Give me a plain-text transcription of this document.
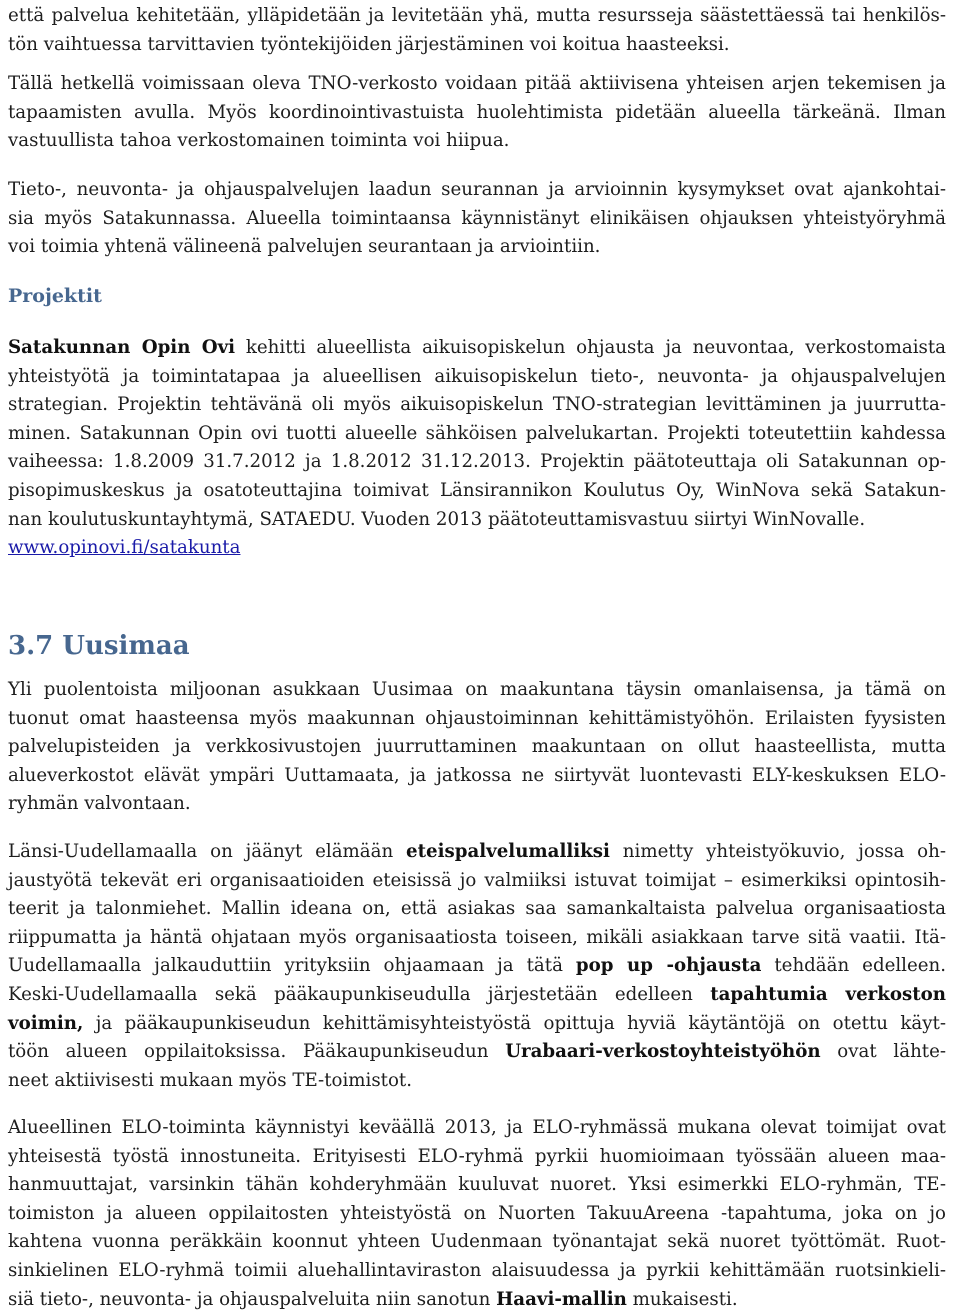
että palvelua kehitetään, ylläpidetään ja levitetään yhä, mutta resursseja säästettäessä tai henkilös-
tön vaihtuessa tarvittavien työntekijöiden järjestäminen voi koitua haasteeksi.
Tällä hetkellä voimissaan oleva TNO-verkosto voidaan pitää aktiivisena yhteisen arjen tekemisen ja
tapaamisten avulla. Myös koordinointivastuista huolehtimista pidetään alueella tärkeänä. Ilman
vastuullista tahoa verkostomainen toiminta voi hiipua.
Tieto-, neuvonta- ja ohjauspalvelujen laadun seurannan ja arvioinnin kysymykset ovat ajankohtai-
sia myös Satakunnassa. Alueella toimintaansa käynnistänyt elinikäisen ohjauksen yhteistyöryhmä
voi toimia yhtenä välineenä palvelujen seurantaan ja arviointiin.
Projektit
Satakunnan Opin Ovi kehitti alueellista aikuisopiskelun ohjausta ja neuvontaa, verkostomaista
yhteistyötä ja toimintatapaa ja alueellisen aikuisopiskelun tieto-, neuvonta- ja ohjauspalvelujen
strategian. Projektin tehtävänä oli myös aikuisopiskelun TNO-strategian levittäminen ja juurrutta-
minen. Satakunnan Opin ovi tuotti alueelle sähköisen palvelukartan. Projekti toteutettiin kahdessa
vaiheessa: 1.8.2009 31.7.2012 ja 1.8.2012 31.12.2013. Projektin päätoteuttaja oli Satakunnan op-
pisopimuskeskus ja osatoteuttajina toimivat Länsirannikon Koulutus Oy, WinNova sekä Satakun-
nan koulutuskuntayhtymä, SATAEDU. Vuoden 2013 päätoteuttamisvastuu siirtyi WinNovalle.
www.opinovi.fi/satakunta
3.7 Uusimaa
Yli puolentoista miljoonan asukkaan Uusimaa on maakuntana täysin omanlaisensa, ja tämä on
tuonut omat haasteensa myös maakunnan ohjaustoiminnan kehittämistyöhön. Erilaisten fyysisten
palvelupisteiden ja verkkosivustojen juurruttaminen maakuntaan on ollut haasteellista, mutta
alueverkostot elävät ympäri Uuttamaata, ja jatkossa ne siirtyvät luontevasti ELY-keskuksen ELO-
ryhmän valvontaan.
Länsi-Uudellamaalla on jäänyt elämään eteispalvelumalliksi nimetty yhteistyökuvio, jossa oh-
jaustyötä tekevät eri organisaatioiden eteisissä jo valmiiksi istuvat toimijat – esimerkiksi opintosih-
teerit ja talonmiehet. Mallin ideana on, että asiakas saa samankaltaista palvelua organisaatiosta
riippumatta ja häntä ohjataan myös organisaatiosta toiseen, mikäli asiakkaan tarve sitä vaatii. Itä-
Uudellamaalla jalkauduttiin yrityksiin ohjaamaan ja tätä pop up -ohjausta tehdään edelleen.
Keski-Uudellamaalla sekä pääkaupunkiseudulla järjestetään edelleen tapahtumia verkoston
voimin, ja pääkaupunkiseudun kehittämisyhteistyöstä opittuja hyviä käytäntöjä on otettu käyt-
töön alueen oppilaitoksissa. Pääkaupunkiseudun Urabaari-verkostoyhteistyöhön ovat lähte-
neet aktiivisesti mukaan myös TE-toimistot.
Alueellinen ELO-toiminta käynnistyi keväällä 2013, ja ELO-ryhmässä mukana olevat toimijat ovat
yhteisestä työstä innostuneita. Erityisesti ELO-ryhmä pyrkii huomioimaan työssään alueen maa-
hanmuuttajat, varsinkin tähän kohderyhmään kuuluvat nuoret. Yksi esimerkki ELO-ryhmän, TE-
toimiston ja alueen oppilaitosten yhteistyöstä on Nuorten TakuuAreena -tapahtuma, joka on jo
kahtena vuonna peräkkäin koonnut yhteen Uudenmaan työnantajat sekä nuoret työttömät. Ruot-
sinkielinen ELO-ryhmä toimii aluehallintaviraston alaisuudessa ja pyrkii kehittämään ruotsinkieli-
siä tieto-, neuvonta- ja ohjauspalveluita niin sanotun Haavi-mallin mukaisesti.
